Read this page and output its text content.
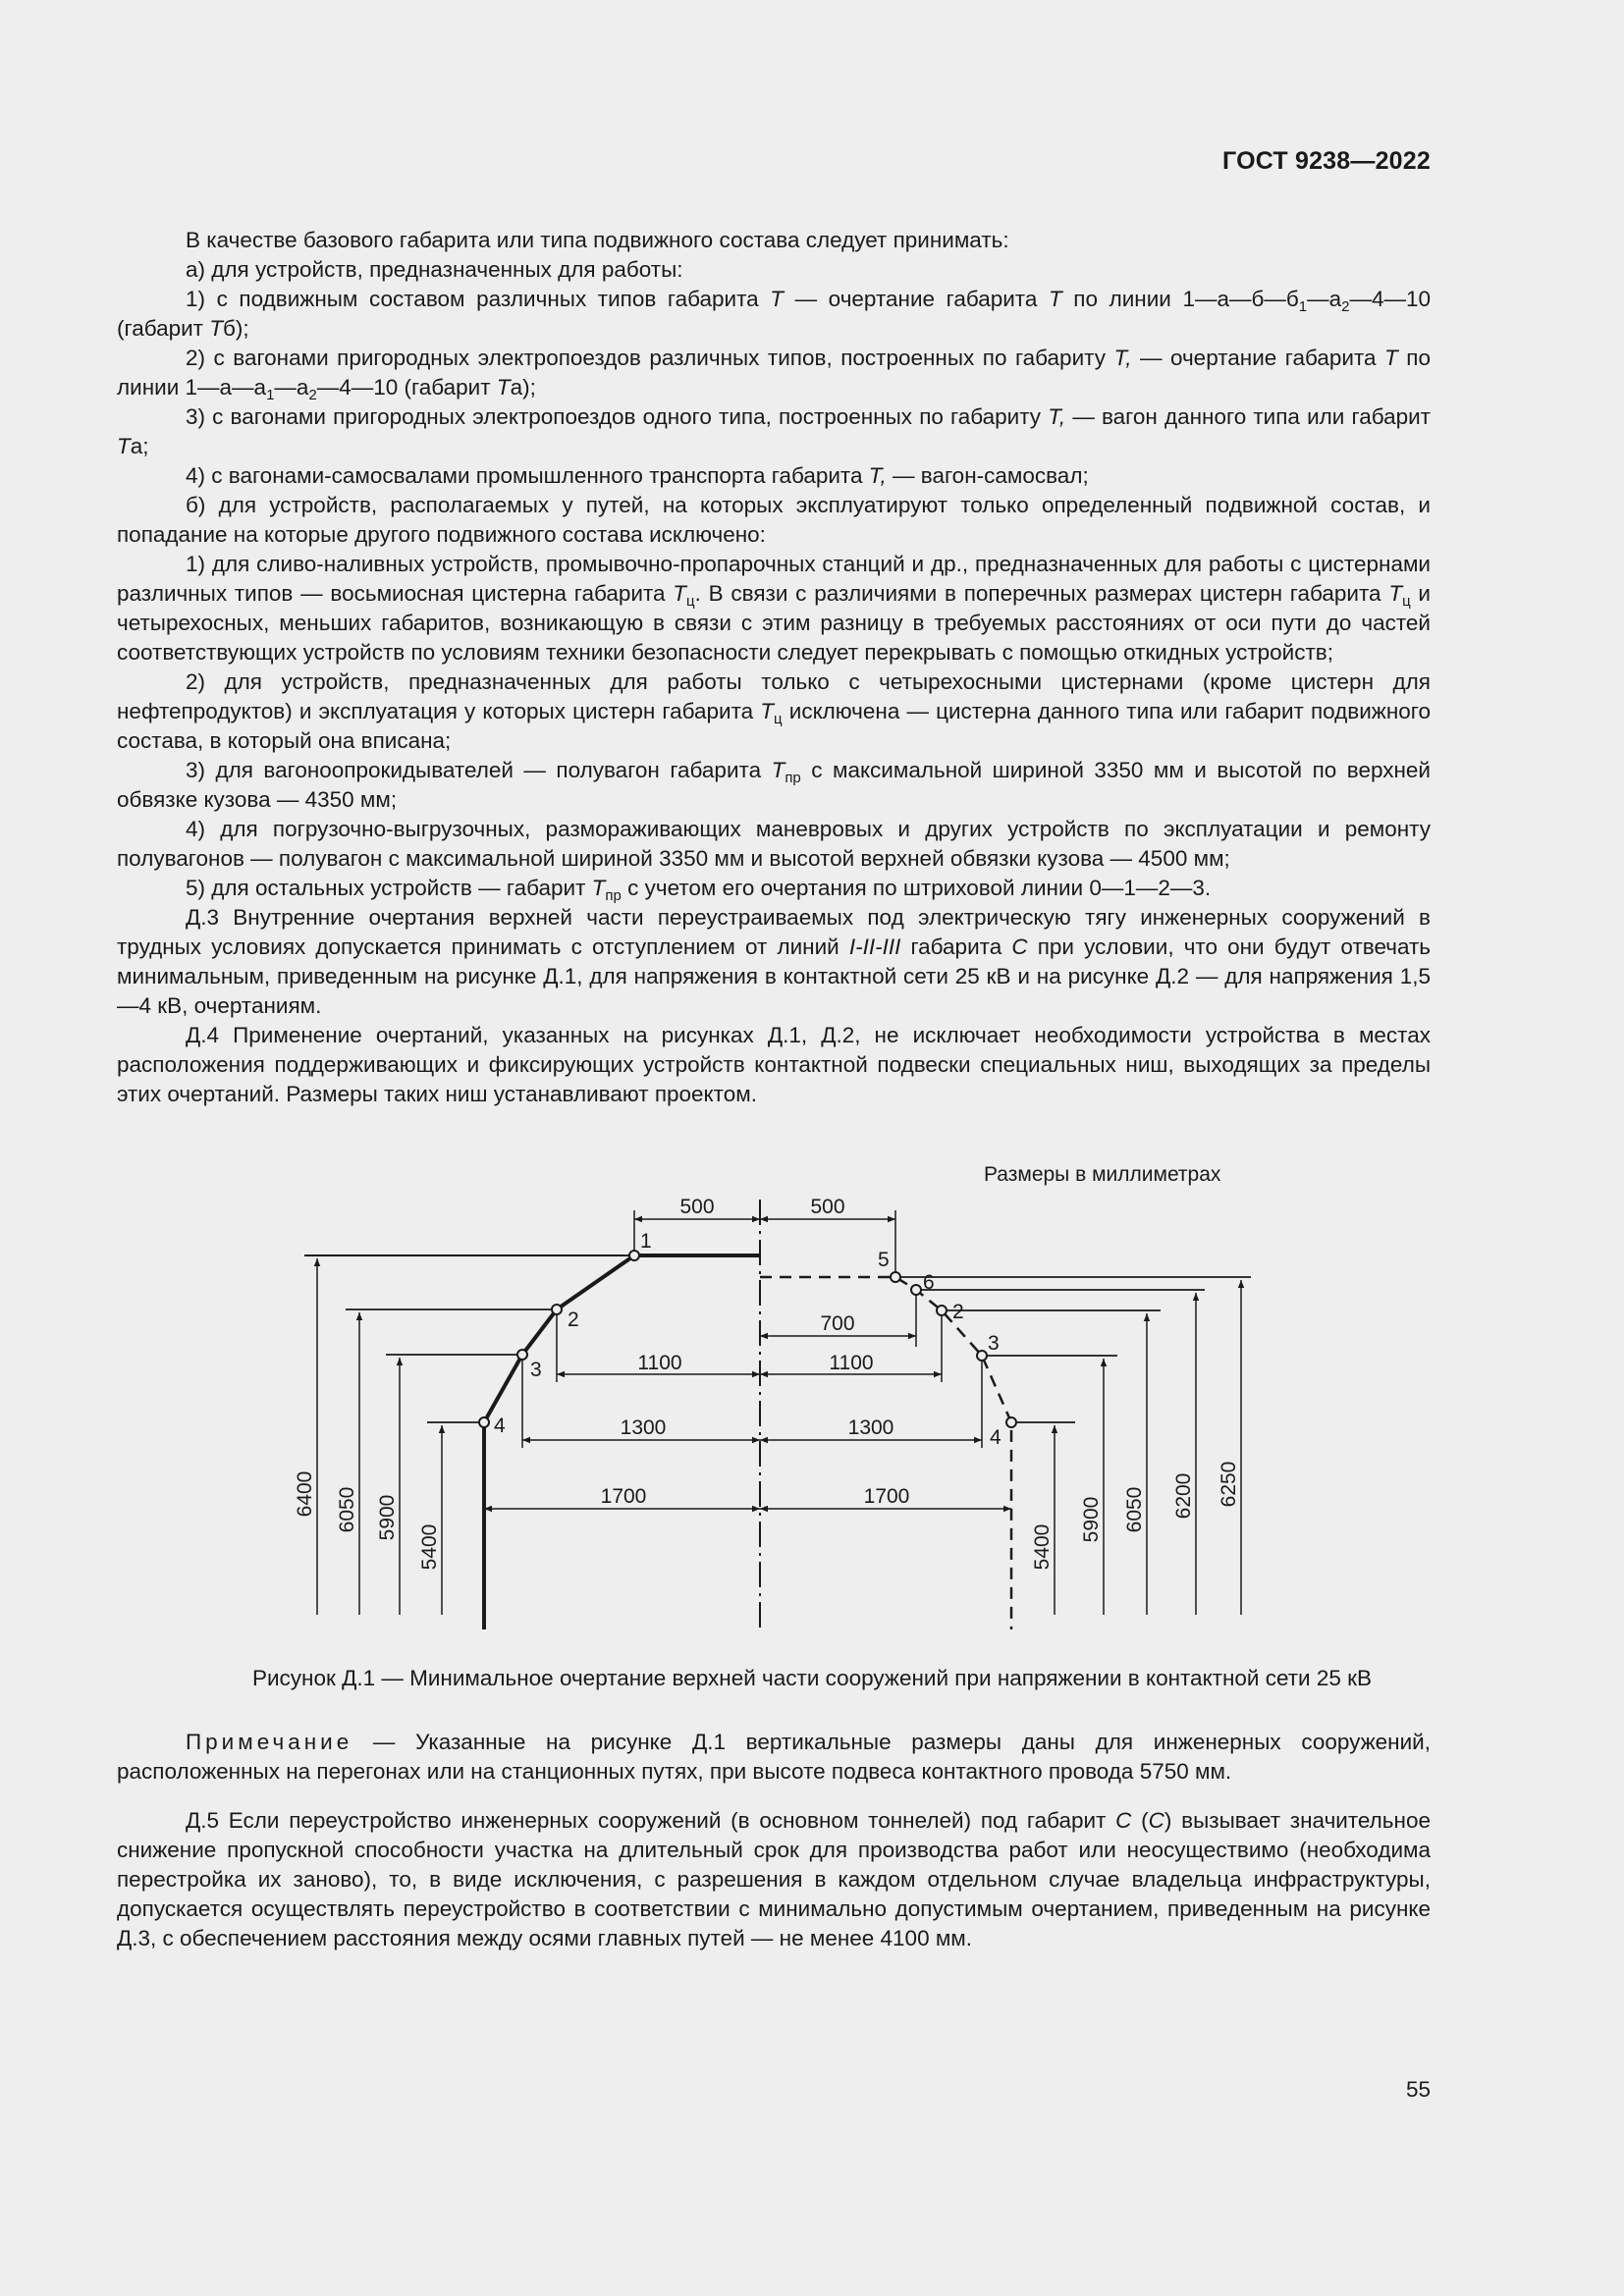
ГОСТ 9238—2022

В качестве базового габарита или типа подвижного состава следует принимать:

а) для устройств, предназначенных для работы:

1) с подвижным составом различных типов габарита Т — очертание габарита Т по линии $1—а—б—б_1—а_2—4—10$ (габарит Тб);

2) с вагонами пригородных электропоездов различных типов, построенных по габариту Т, — очертание габарита Т по линии $1—а—а_1—а_2—4—10$ (габарит Та);

3) с вагонами пригородных электропоездов одного типа, построенных по габариту Т, — вагон данного типа или габарит Та;

4) с вагонами-самосвалами промышленного транспорта габарита Т, — вагон-самосвал;

б) для устройств, располагаемых у путей, на которых эксплуатируют только определенный подвижной состав, и попадание на которые другого подвижного состава исключено:

1) для сливо-наливных устройств, промывочно-пропарочных станций и др., предназначенных для работы с цистернами различных типов — восьмиосная цистерна габарита $Т_ц$. В связи с различиями в поперечных размерах цистерн габарита $Т_ц$ и четырехосных, меньших габаритов, возникающую в связи с этим разницу в требуемых расстояниях от оси пути до частей соответствующих устройств по условиям техники безопасности следует перекрывать с помощью откидных устройств;

2) для устройств, предназначенных для работы только с четырехосными цистернами (кроме цистерн для нефтепродуктов) и эксплуатация у которых цистерн габарита $Т_ц$ исключена — цистерна данного типа или габарит подвижного состава, в который она вписана;

3) для вагоноопрокидывателей — полувагон габарита $Т_{пр}$ с максимальной шириной 3350 мм и высотой по верхней обвязке кузова — 4350 мм;

4) для погрузочно-выгрузочных, размораживающих маневровых и других устройств по эксплуатации и ремонту полувагонов — полувагон с максимальной шириной 3350 мм и высотой верхней обвязки кузова — 4500 мм;

5) для остальных устройств — габарит $Т_{пр}$ с учетом его очертания по штриховой линии 0—1—2—3.

Д.3 Внутренние очертания верхней части переустраиваемых под электрическую тягу инженерных сооружений в трудных условиях допускается принимать с отступлением от линий I-II-III габарита С при условии, что они будут отвечать минимальным, приведенным на рисунке Д.1, для напряжения в контактной сети 25 кВ и на рисунке Д.2 — для напряжения 1,5—4 кВ, очертаниям.

Д.4 Применение очертаний, указанных на рисунках Д.1, Д.2, не исключает необходимости устройства в местах расположения поддерживающих и фиксирующих устройств контактной подвески специальных ниш, выходящих за пределы этих очертаний. Размеры таких ниш устанавливают проектом.

Размеры в миллиметрах
500	500
700
1100	1100
1300	1300
1700	1700
6400 6050 5900
5400	5400
5900 6050 6200 6250
1
2
3
4
5
6
2
3
4
Рисунок Д.1 — Минимальное очертание верхней части сооружений при напряжении в контактной сети 25 кВ

Примечание — Указанные на рисунке Д.1 вертикальные размеры даны для инженерных сооружений, расположенных на перегонах или на станционных путях, при высоте подвеса контактного провода 5750 мм.

Д.5 Если переустройство инженерных сооружений (в основном тоннелей) под габарит С (С) вызывает значительное снижение пропускной способности участка на длительный срок для производства работ или неосуществимо (необходима перестройка их заново), то, в виде исключения, с разрешения в каждом отдельном случае владельца инфраструктуры, допускается осуществлять переустройство в соответствии с минимально допустимым очертанием, приведенным на рисунке Д.3, с обеспечением расстояния между осями главных путей — не менее 4100 мм.

55
